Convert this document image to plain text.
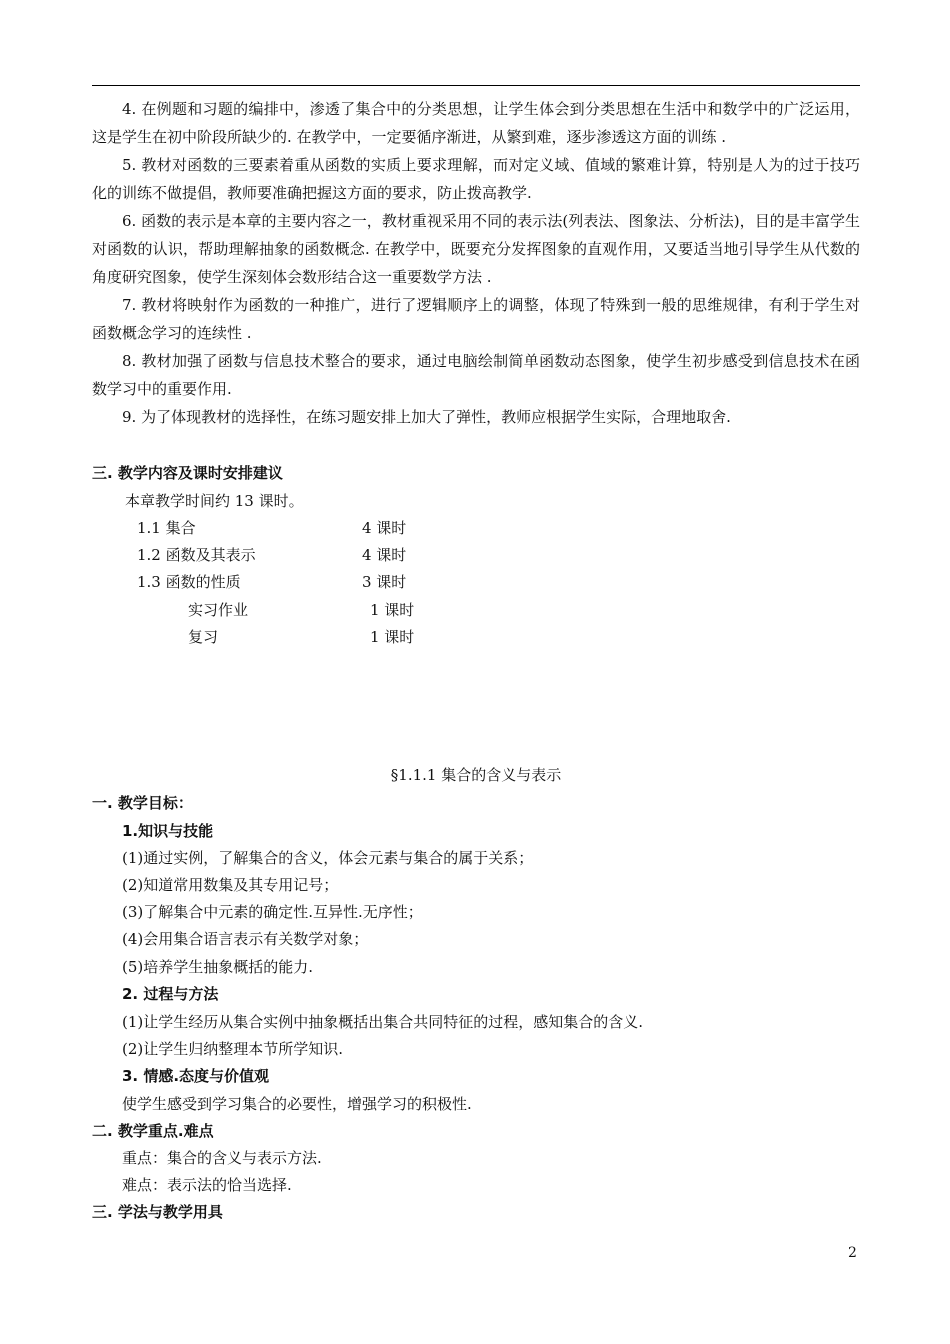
4. 在例题和习题的编排中，渗透了集合中的分类思想，让学生体会到分类思想在生活中和数学中的广泛运用，这是学生在初中阶段所缺少的. 在教学中，一定要循序渐进，从繁到难，逐步渗透这方面的训练 .

5. 教材对函数的三要素着重从函数的实质上要求理解，而对定义域、值域的繁难计算，特别是人为的过于技巧化的训练不做提倡，教师要准确把握这方面的要求，防止拨高教学.

6. 函数的表示是本章的主要内容之一，教材重视采用不同的表示法(列表法、图象法、分析法)，目的是丰富学生对函数的认识，帮助理解抽象的函数概念. 在教学中，既要充分发挥图象的直观作用，又要适当地引导学生从代数的角度研究图象，使学生深刻体会数形结合这一重要数学方法 .

7. 教材将映射作为函数的一种推广，进行了逻辑顺序上的调整，体现了特殊到一般的思维规律，有利于学生对函数概念学习的连续性 .

8. 教材加强了函数与信息技术整合的要求，通过电脑绘制简单函数动态图象，使学生初步感受到信息技术在函数学习中的重要作用.

9. 为了体现教材的选择性，在练习题安排上加大了弹性，教师应根据学生实际，合理地取舍.

三. 教学内容及课时安排建议
本章教学时间约 13 课时。
1.1 集合	4 课时
1.2 函数及其表示	4 课时
1.3 函数的性质	3 课时
实习作业	1 课时
复习	1 课时
§1.1.1 集合的含义与表示
一. 教学目标：
1.知识与技能
(1)通过实例，了解集合的含义，体会元素与集合的属于关系；
(2)知道常用数集及其专用记号；
(3)了解集合中元素的确定性.互异性.无序性；
(4)会用集合语言表示有关数学对象；
(5)培养学生抽象概括的能力.
2. 过程与方法
(1)让学生经历从集合实例中抽象概括出集合共同特征的过程，感知集合的含义.
(2)让学生归纳整理本节所学知识.
3. 情感.态度与价值观
使学生感受到学习集合的必要性，增强学习的积极性.
二. 教学重点.难点
重点：集合的含义与表示方法.
难点：表示法的恰当选择.
三. 学法与教学用具
2
